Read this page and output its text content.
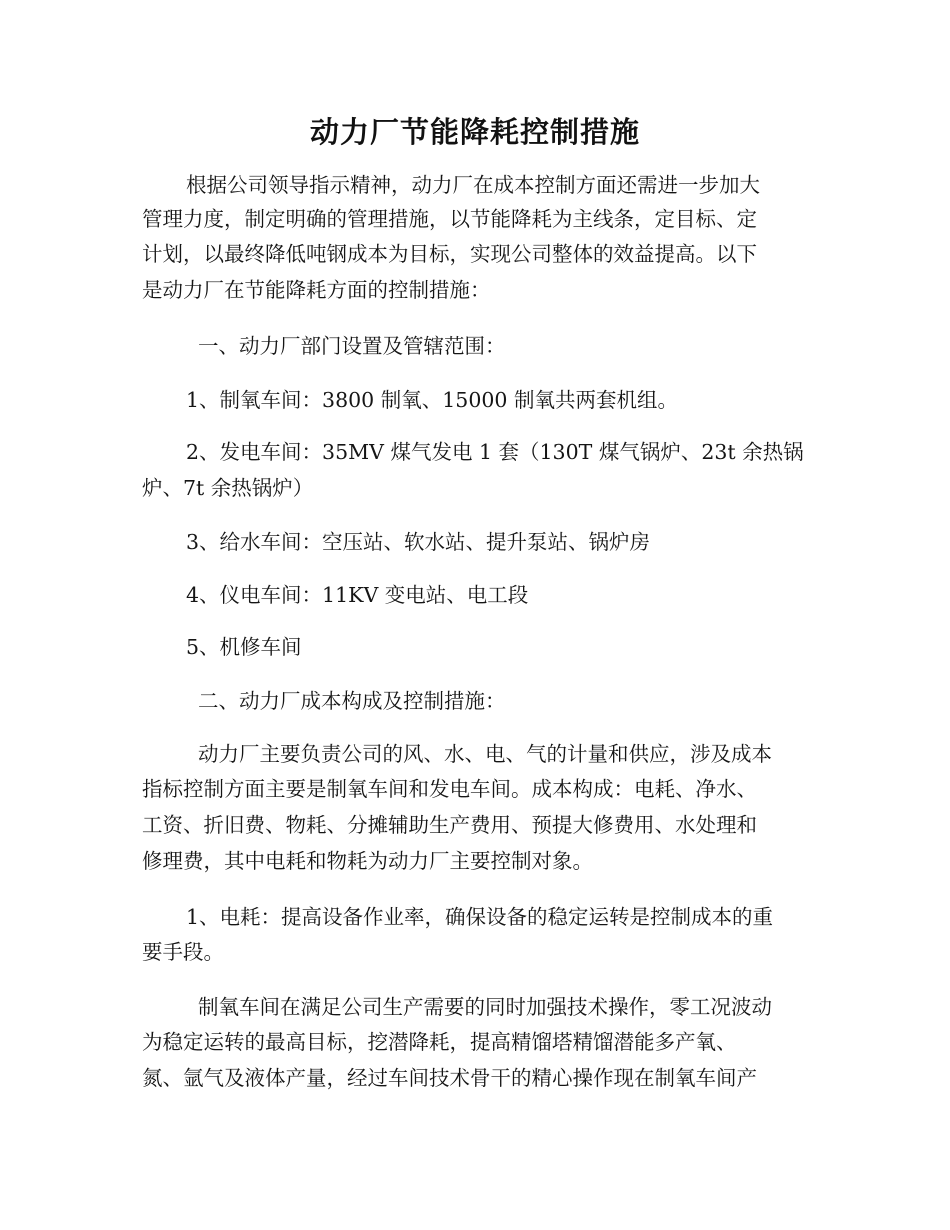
动力厂节能降耗控制措施
根据公司领导指示精神，动力厂在成本控制方面还需进一步加大
管理力度，制定明确的管理措施，以节能降耗为主线条，定目标、定
计划，以最终降低吨钢成本为目标，实现公司整体的效益提高。以下
是动力厂在节能降耗方面的控制措施：
一、动力厂部门设置及管辖范围：
1、制氧车间：3800 制氧、15000 制氧共两套机组。
2、发电车间：35MV 煤气发电 1 套（130T 煤气锅炉、23t 余热锅
炉、7t 余热锅炉）
3、给水车间：空压站、软水站、提升泵站、锅炉房
4、仪电车间：11KV 变电站、电工段
5、机修车间
二、动力厂成本构成及控制措施：
动力厂主要负责公司的风、水、电、气的计量和供应，涉及成本
指标控制方面主要是制氧车间和发电车间。成本构成：电耗、净水、
工资、折旧费、物耗、分摊辅助生产费用、预提大修费用、水处理和
修理费，其中电耗和物耗为动力厂主要控制对象。
1、电耗：提高设备作业率，确保设备的稳定运转是控制成本的重
要手段。
制氧车间在满足公司生产需要的同时加强技术操作，零工况波动
为稳定运转的最高目标，挖潜降耗，提高精馏塔精馏潜能多产氧、
氮、氩气及液体产量，经过车间技术骨干的精心操作现在制氧车间产
